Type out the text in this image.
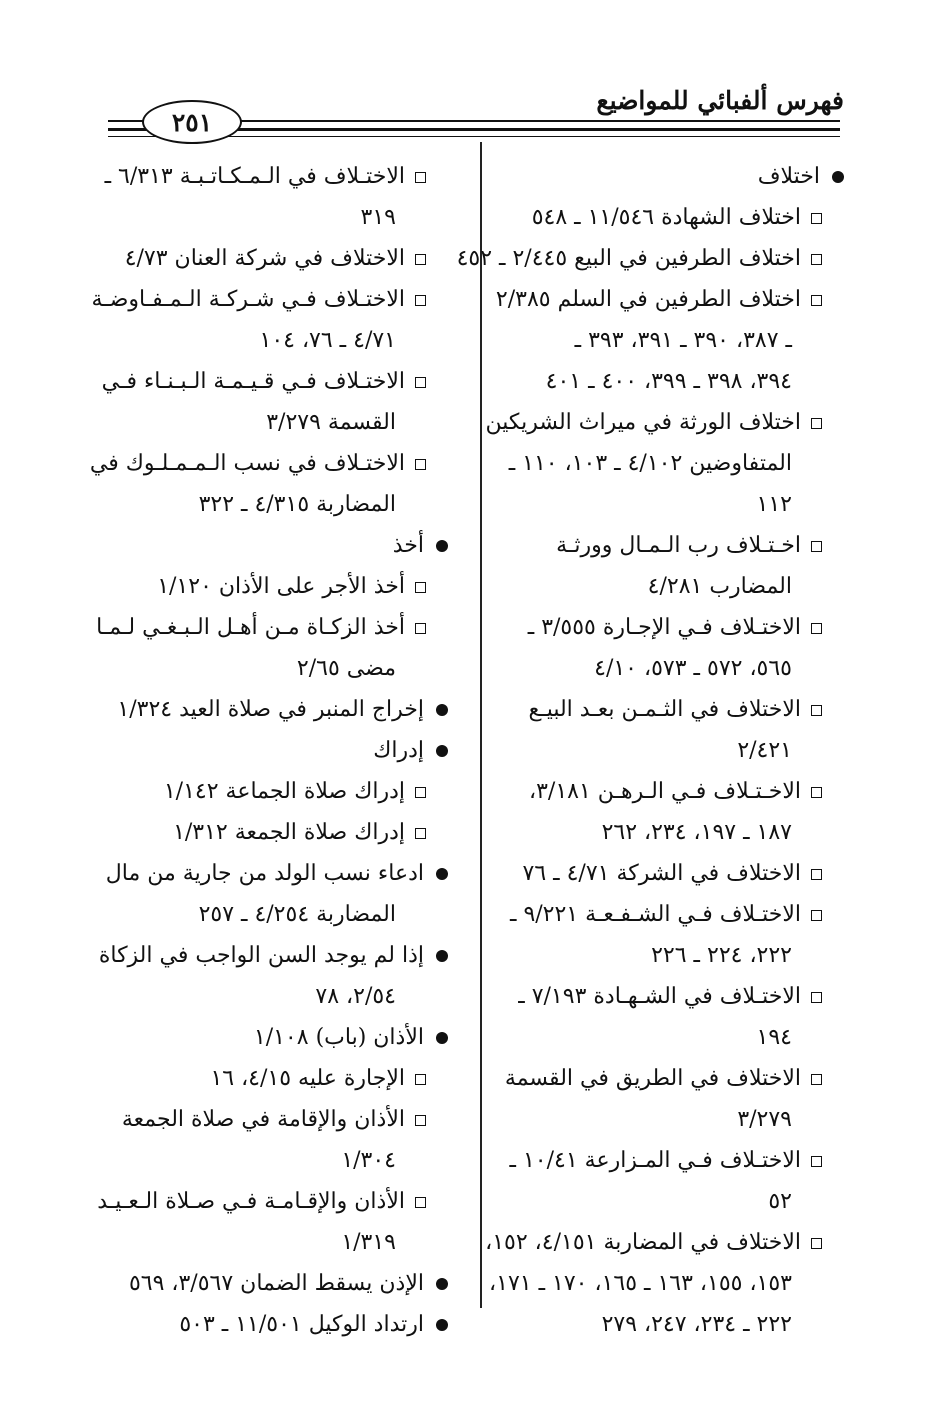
فهرس ألفبائي للمواضيع
٢٥١
اختلاف
اختلاف الشهادة ١١/٥٤٦ ـ ٥٤٨
اختلاف الطرفين في البيع ٢/٤٤٥ ـ ٤٥٢
اختلاف الطرفين في السلم ٢/٣٨٥
ـ ٣٨٧، ٣٩٠ ـ ٣٩١، ٣٩٣ ـ
٣٩٤، ٣٩٨ ـ ٣٩٩، ٤٠٠ ـ ٤٠١
اختلاف الورثة في ميراث الشريكين
المتفاوضين ٤/١٠٢ ـ ١٠٣، ١١٠ ـ
١١٢
اخـتـلاف رب الـمـال وورثـة
المضارب ٤/٢٨١
الاختـلاف فـي الإجـارة ٣/٥٥٥ ـ
٥٦٥، ٥٧٢ ـ ٥٧٣، ٤/١٠
الاختلاف في الثـمـن بعـد البيـع
٢/٤٢١
الاخـتـلاف فـي الـرهـن ٣/١٨١،
١٨٧ ـ ١٩٧، ٢٣٤، ٢٦٢
الاختلاف في الشركة ٤/٧١ ـ ٧٦
الاختـلاف فـي الشـفـعـة ٩/٢٢١ ـ
٢٢٢، ٢٢٤ ـ ٢٢٦
الاختـلاف في الشـهـادة ٧/١٩٣ ـ
١٩٤
الاختلاف في الطريق في القسمة
٣/٢٧٩
الاختـلاف فـي المـزارعة ١٠/٤١ ـ
٥٢
الاختلاف في المضاربة ٤/١٥١، ١٥٢،
١٥٣، ١٥٥، ١٦٣ ـ ١٦٥، ١٧٠ ـ ١٧١،
٢٢٢ ـ ٢٣٤، ٢٤٧، ٢٧٩
الاختـلاف في الـمـكـاتـبـة ٦/٣١٣ ـ
٣١٩
الاختلاف في شركة العنان ٤/٧٣
الاختـلاف فـي شـركـة الـمـفـاوضـة
٤/٧١ ـ ٧٦، ١٠٤
الاختـلاف فـي قـيـمـة الـبـنـاء فـي
القسمة ٣/٢٧٩
الاختـلاف في نسب الـمـمـلـوك في
المضاربة ٤/٣١٥ ـ ٣٢٢
أخذ
أخذ الأجر على الأذان ١/١٢٠
أخذ الزكـاة مـن أهـل الـبـغـي لـمـا
مضى ٢/٦٥
إخراج المنبر في صلاة العيد ١/٣٢٤
إدراك
إدراك صلاة الجماعة ١/١٤٢
إدراك صلاة الجمعة ١/٣١٢
ادعاء نسب الولد من جارية من مال
المضاربة ٤/٢٥٤ ـ ٢٥٧
إذا لم يوجد السن الواجب في الزكاة
٢/٥٤، ٧٨
الأذان (باب) ١/١٠٨
الإجارة عليه ٤/١٥، ١٦
الأذان والإقامة في صلاة الجمعة
١/٣٠٤
الأذان والإقـامـة فـي صـلاة الـعـيـد
١/٣١٩
الإذن يسقط الضمان ٣/٥٦٧، ٥٦٩
ارتداد الوكيل ١١/٥٠١ ـ ٥٠٣
